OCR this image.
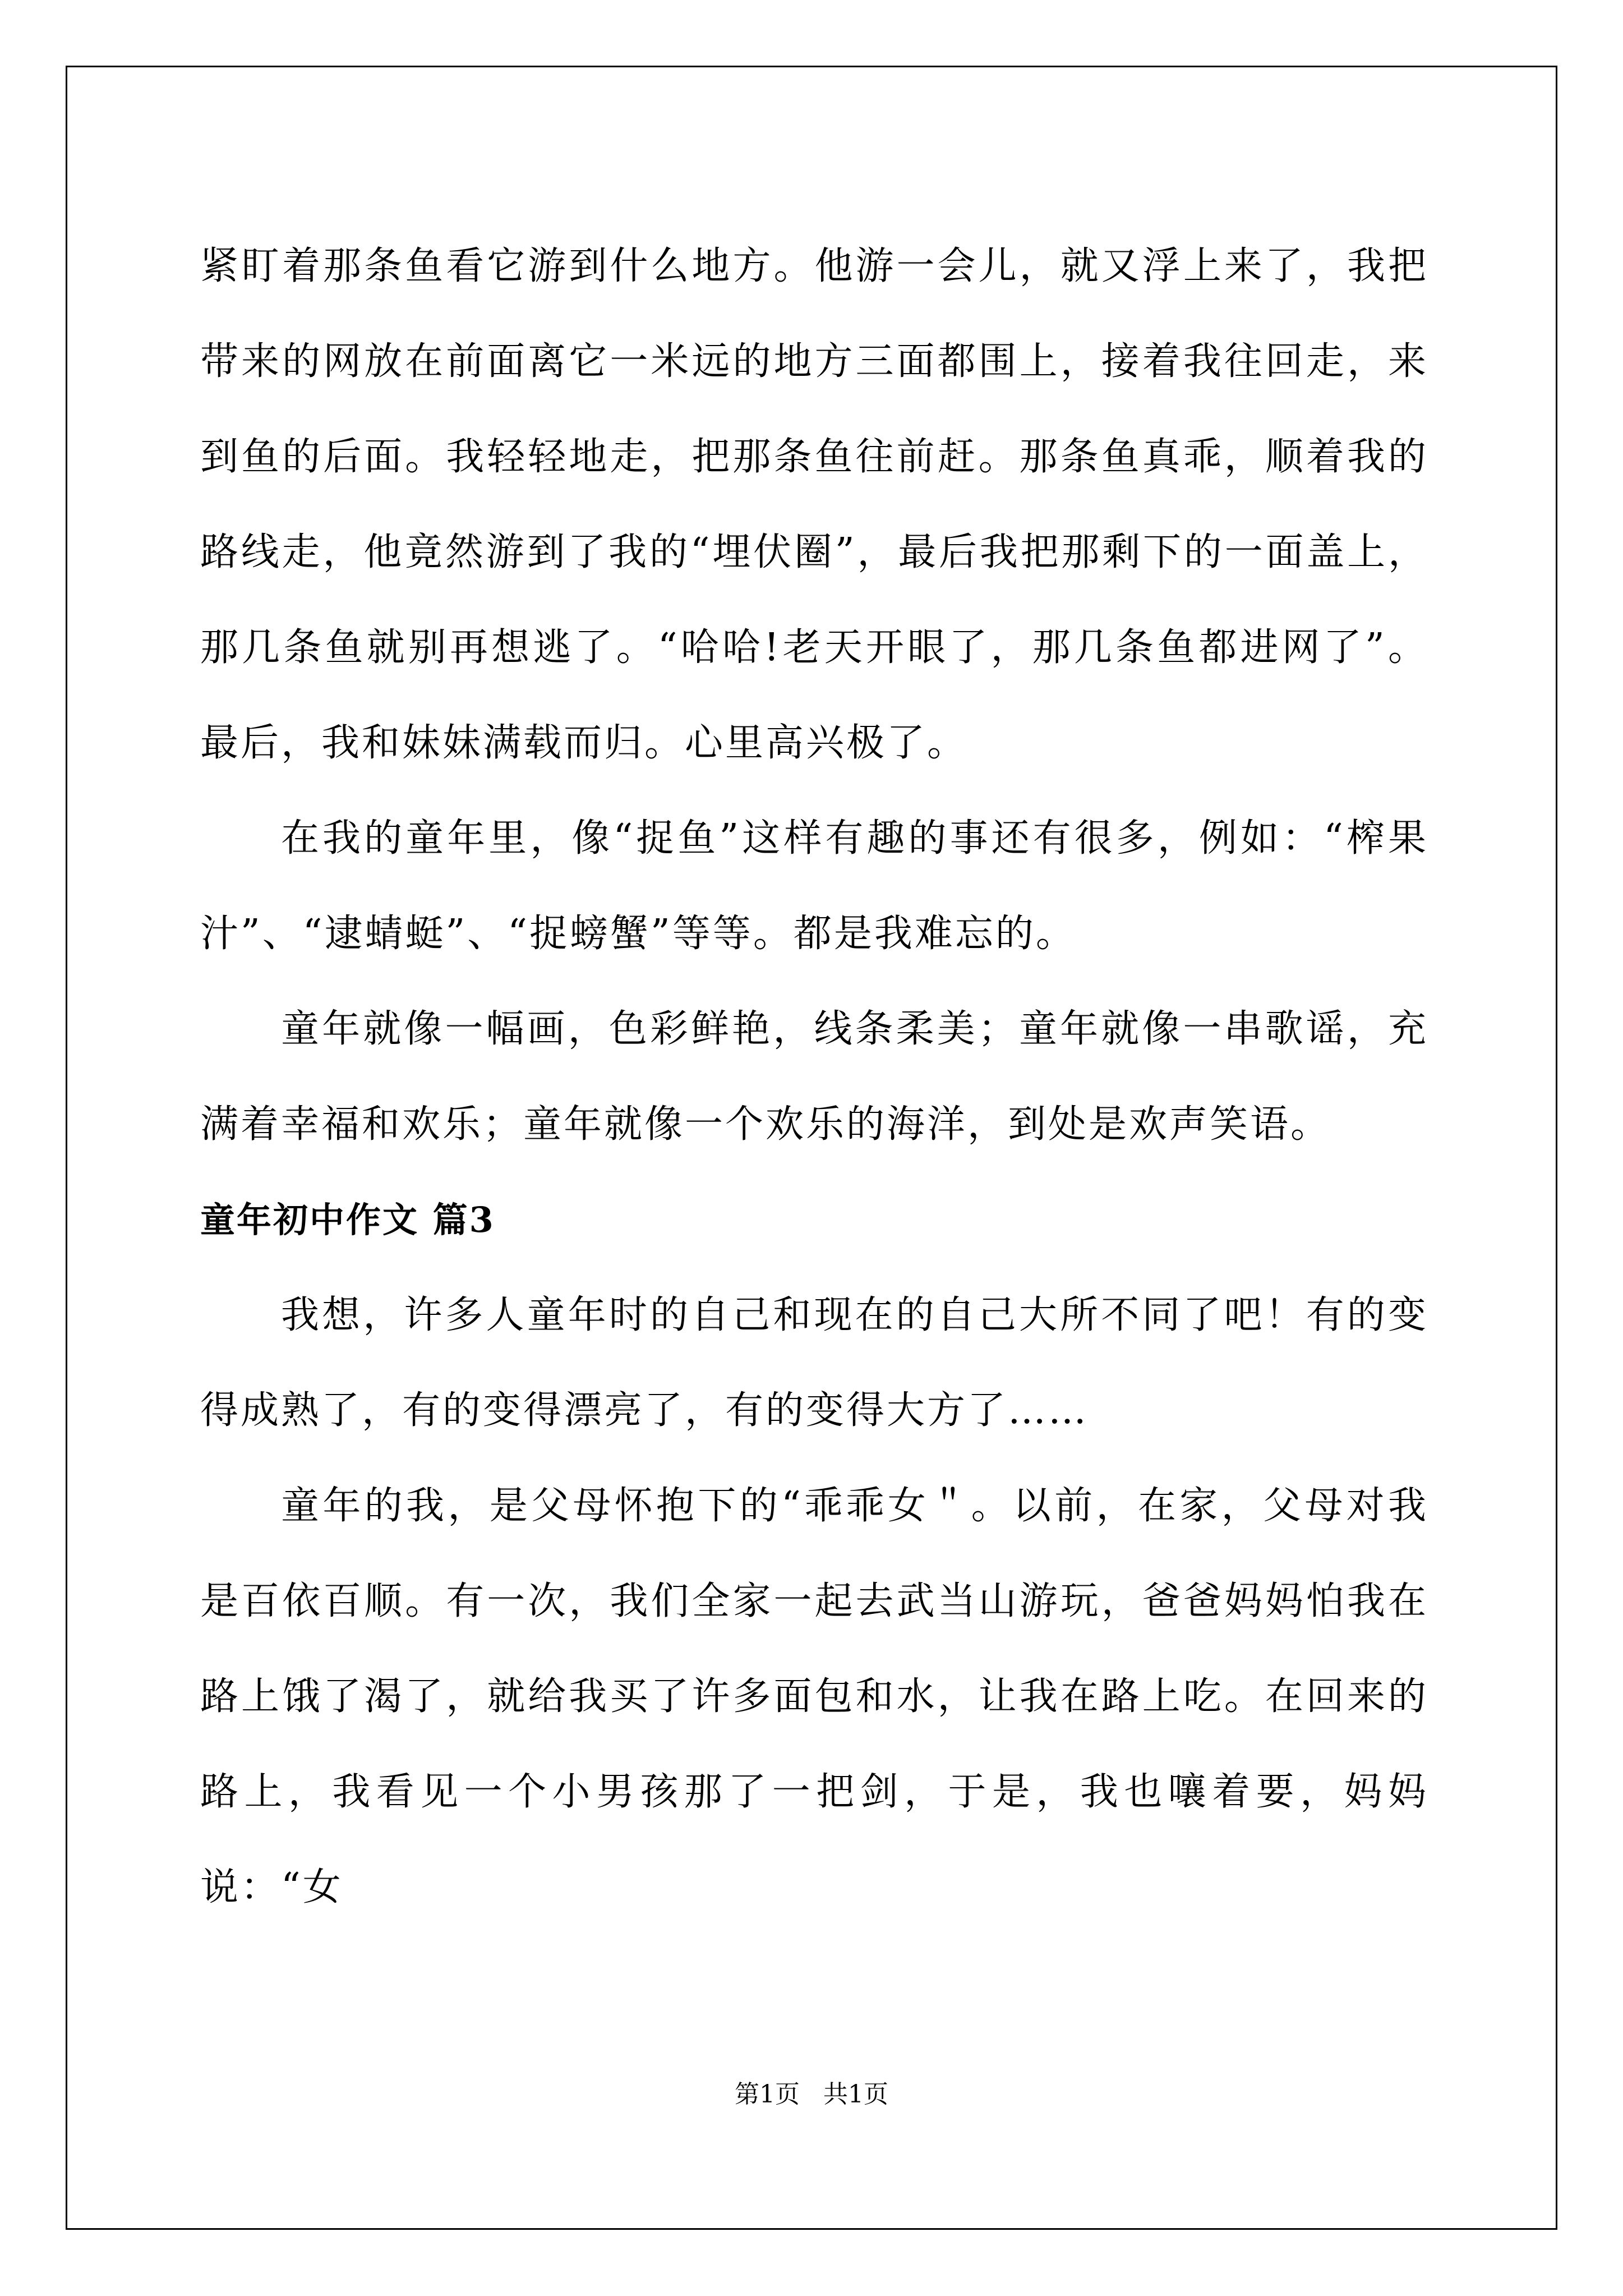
紧盯着那条鱼看它游到什么地方。他游一会儿，就又浮上来了，我把带来的网放在前面离它一米远的地方三面都围上，接着我往回走，来到鱼的后面。我轻轻地走，把那条鱼往前赶。那条鱼真乖，顺着我的路线走，他竟然游到了我的“埋伏圈”，最后我把那剩下的一面盖上，那几条鱼就别再想逃了。“哈哈!老天开眼了，那几条鱼都进网了”。最后，我和妹妹满载而归。心里高兴极了。

在我的童年里，像“捉鱼”这样有趣的事还有很多，例如：“榨果汁”、“逮蜻蜓”、“捉螃蟹”等等。都是我难忘的。

童年就像一幅画，色彩鲜艳，线条柔美；童年就像一串歌谣，充满着幸福和欢乐；童年就像一个欢乐的海洋，到处是欢声笑语。

童年初中作文 篇3

我想，许多人童年时的自己和现在的自己大所不同了吧！有的变得成熟了，有的变得漂亮了，有的变得大方了……

童年的我，是父母怀抱下的“乖乖女＂。以前，在家，父母对我是百依百顺。有一次，我们全家一起去武当山游玩，爸爸妈妈怕我在路上饿了渴了，就给我买了许多面包和水，让我在路上吃。在回来的路上，我看见一个小男孩那了一把剑，于是，我也嚷着要，妈妈说：“女

第1页   共1页
